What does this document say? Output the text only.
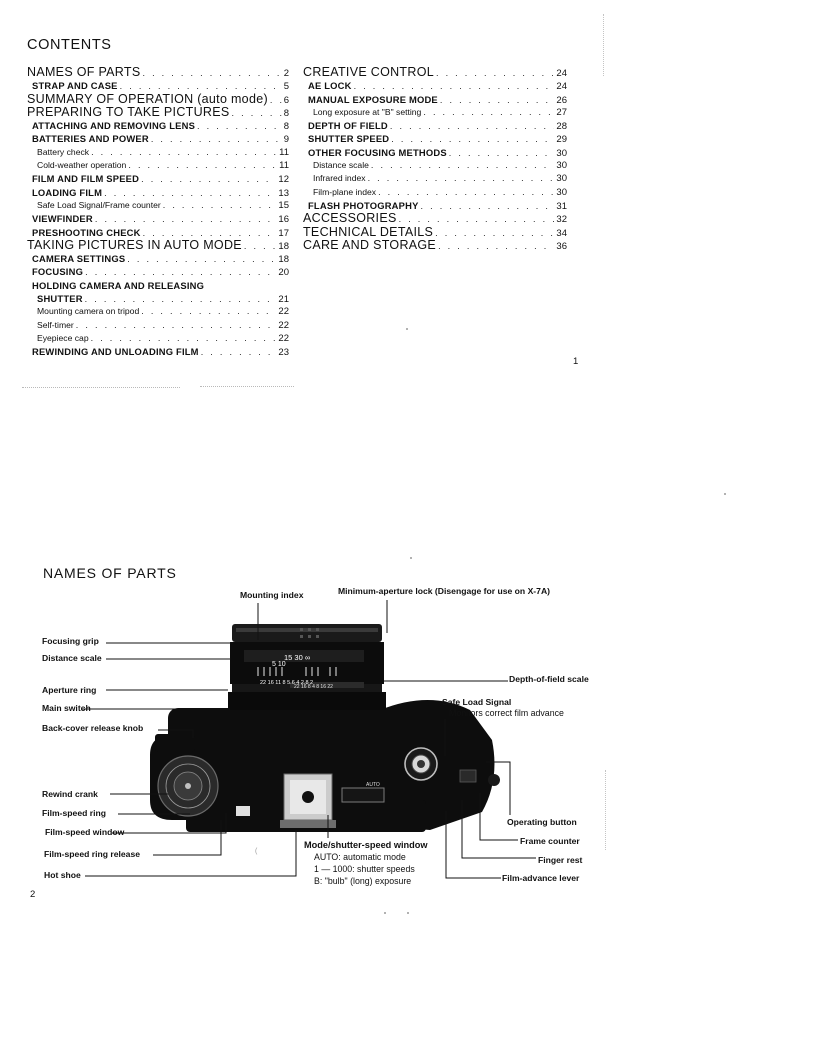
CONTENTS
NAMES OF PARTS . . .	2
STRAP AND CASE . . .	5
SUMMARY OF OPERATION (auto mode) . . . 6
PREPARING TO TAKE PICTURES . . .	8
ATTACHING AND REMOVING LENS . . .	8
BATTERIES AND POWER . . .	9
Battery check . . .	11
Cold-weather operation . . .	11
FILM AND FILM SPEED . . .	12
LOADING FILM . . .	13
Safe Load Signal/Frame counter . . .	15
VIEWFINDER . . .	16
PRESHOOTING CHECK . . .	17
TAKING PICTURES IN AUTO MODE . . .	18
CAMERA SETTINGS . . .	18
FOCUSING . . .	20
HOLDING CAMERA AND RELEASING
SHUTTER . . .	21
Mounting camera on tripod . . .	22
Self-timer . . .	22
Eyepiece cap . . .	22
REWINDING AND UNLOADING FILM . . .	23
CREATIVE CONTROL . . .	24
AE LOCK . . .	24
MANUAL EXPOSURE MODE . . .	26
Long exposure at "B" setting . . .	27
DEPTH OF FIELD . . .	28
SHUTTER SPEED . . .	29
OTHER FOCUSING METHODS . . .	30
Distance scale . . .	30
Infrared index . . .	30
Film-plane index . . .	30
FLASH PHOTOGRAPHY . . .	31
ACCESSORIES . . .	32
TECHNICAL DETAILS . . .	34
CARE AND STORAGE . . .	36
1
NAMES OF PARTS
15 30 ∞
5 10
22 16 11 8 5.6 4 2.8 2
22 16 8 4 8 16 22
AUTO
(
Mounting index	Minimum-aperture lock (Disengage for use on X-7A)
Focusing grip
Distance scale
Aperture ring
Main switch
Back-cover release knob
Rewind crank
Film-speed ring
Film-speed window
Film-speed ring release
Hot shoe
Mode/shutter-speed window
AUTO: automatic mode
1 — 1000: shutter speeds
B: "bulb" (long) exposure
Depth-of-field scale
Safe Load Signal
Monitors correct film advance
Operating button
Frame counter
Finger rest
Film-advance lever
2
